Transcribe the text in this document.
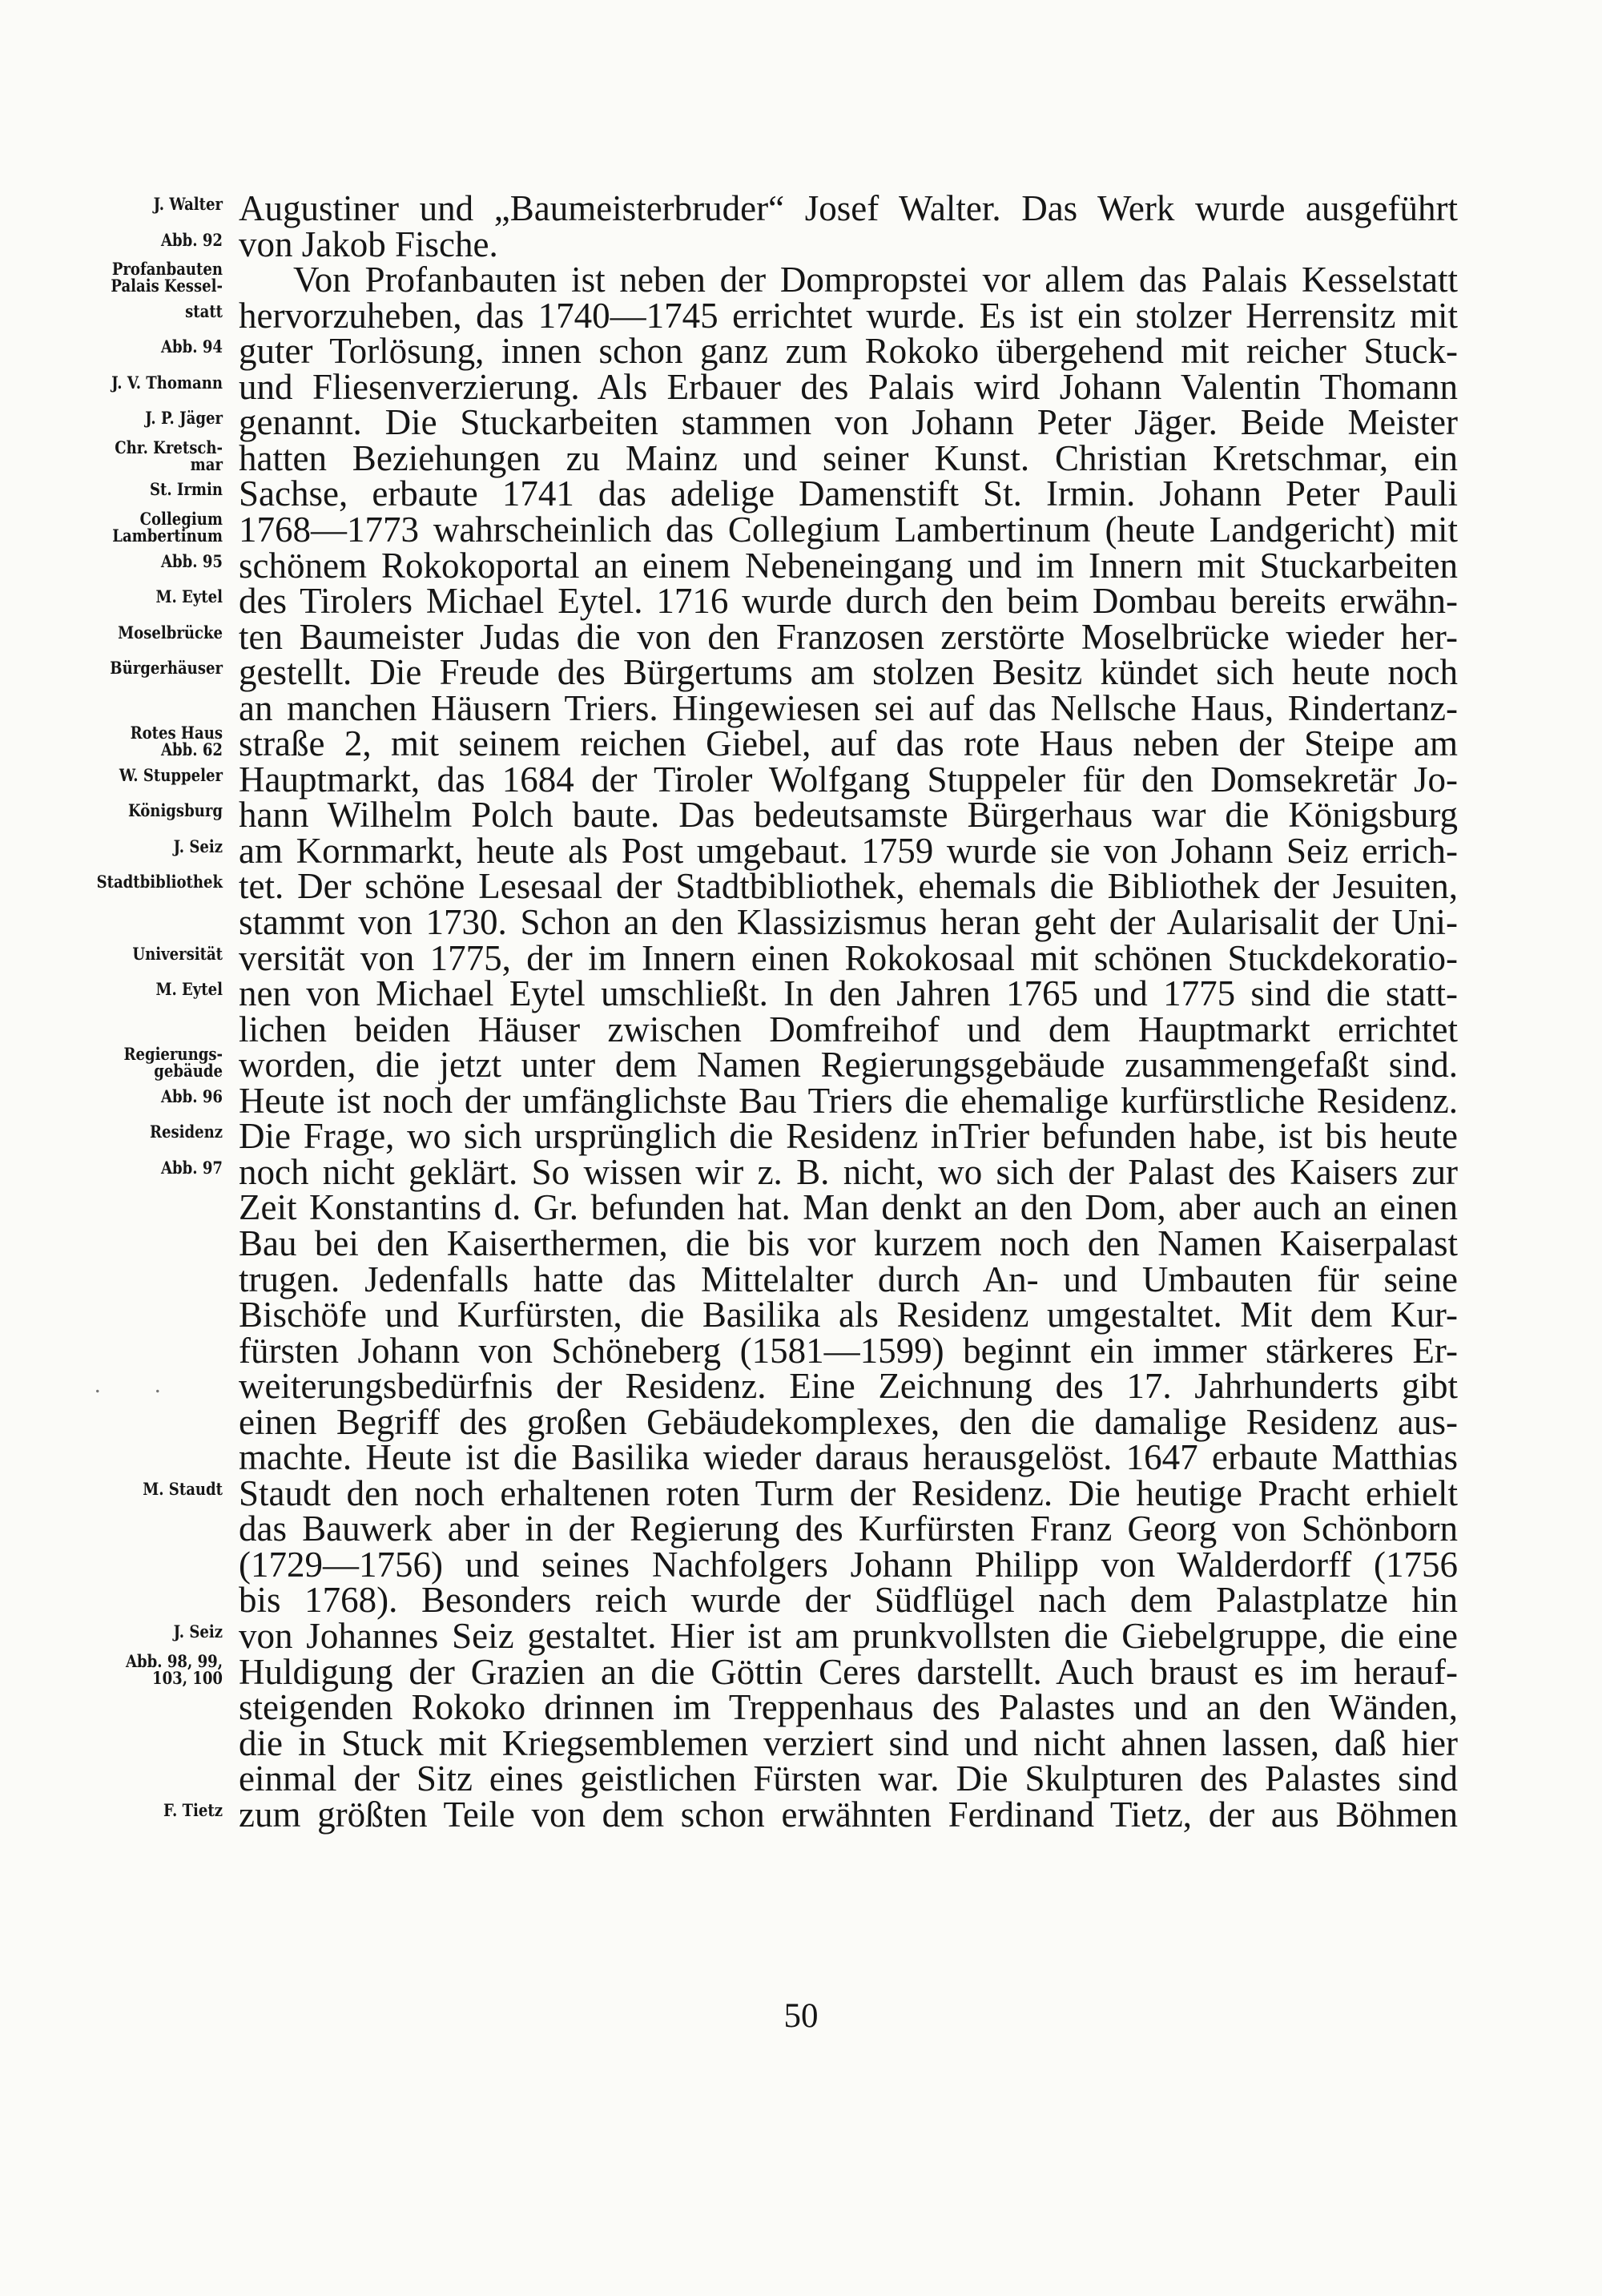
J. Walter Augustiner und „Baumeisterbruder“ Josef Walter. Das Werk wurde ausgeführt
Abb. 92 von Jakob Fische.
Profanbauten
Palais Kessel- Von Profanbauten ist neben der Dompropstei vor allem das Palais Kesselstatt
statt hervorzuheben, das 1740—1745 errichtet wurde. Es ist ein stolzer Herrensitz mit
Abb. 94 guter Torlösung, innen schon ganz zum Rokoko übergehend mit reicher Stuck-
J. V. Thomann und Fliesenverzierung. Als Erbauer des Palais wird Johann Valentin Thomann
J. P. Jäger genannt. Die Stuckarbeiten stammen von Johann Peter Jäger. Beide Meister
Chr. Kretsch-
mar hatten Beziehungen zu Mainz und seiner Kunst. Christian Kretschmar, ein
St. Irmin Sachse, erbaute 1741 das adelige Damenstift St. Irmin. Johann Peter Pauli
Collegium
Lambertinum 1768—1773 wahrscheinlich das Collegium Lambertinum (heute Landgericht) mit
Abb. 95 schönem Rokokoportal an einem Nebeneingang und im Innern mit Stuckarbeiten
M. Eytel des Tirolers Michael Eytel. 1716 wurde durch den beim Dombau bereits erwähn-
Moselbrücke ten Baumeister Judas die von den Franzosen zerstörte Moselbrücke wieder her-
Bürgerhäuser gestellt. Die Freude des Bürgertums am stolzen Besitz kündet sich heute noch
an manchen Häusern Triers. Hingewiesen sei auf das Nellsche Haus, Rindertanz-
Rotes Haus
Abb. 62 straße 2, mit seinem reichen Giebel, auf das rote Haus neben der Steipe am
W. Stuppeler Hauptmarkt, das 1684 der Tiroler Wolfgang Stuppeler für den Domsekretär Jo-
Königsburg hann Wilhelm Polch baute. Das bedeutsamste Bürgerhaus war die Königsburg
J. Seiz am Kornmarkt, heute als Post umgebaut. 1759 wurde sie von Johann Seiz errich-
Stadtbibliothek tet. Der schöne Lesesaal der Stadtbibliothek, ehemals die Bibliothek der Jesuiten,
stammt von 1730. Schon an den Klassizismus heran geht der Aularisalit der Uni-
Universität versität von 1775, der im Innern einen Rokokosaal mit schönen Stuckdekoratio-
M. Eytel nen von Michael Eytel umschließt. In den Jahren 1765 und 1775 sind die statt-
lichen beiden Häuser zwischen Domfreihof und dem Hauptmarkt errichtet
Regierungs-
gebäude worden, die jetzt unter dem Namen Regierungsgebäude zusammengefaßt sind.
Abb. 96 Heute ist noch der umfänglichste Bau Triers die ehemalige kurfürstliche Residenz.
Residenz Die Frage, wo sich ursprünglich die Residenz inTrier befunden habe, ist bis heute
Abb. 97 noch nicht geklärt. So wissen wir z. B. nicht, wo sich der Palast des Kaisers zur
Zeit Konstantins d. Gr. befunden hat. Man denkt an den Dom, aber auch an einen
Bau bei den Kaiserthermen, die bis vor kurzem noch den Namen Kaiserpalast
trugen. Jedenfalls hatte das Mittelalter durch An- und Umbauten für seine
Bischöfe und Kurfürsten, die Basilika als Residenz umgestaltet. Mit dem Kur-
fürsten Johann von Schöneberg (1581—1599) beginnt ein immer stärkeres Er-
weiterungsbedürfnis der Residenz. Eine Zeichnung des 17. Jahrhunderts gibt
einen Begriff des großen Gebäudekomplexes, den die damalige Residenz aus-
machte. Heute ist die Basilika wieder daraus herausgelöst. 1647 erbaute Matthias
M. Staudt Staudt den noch erhaltenen roten Turm der Residenz. Die heutige Pracht erhielt
das Bauwerk aber in der Regierung des Kurfürsten Franz Georg von Schönborn
(1729—1756) und seines Nachfolgers Johann Philipp von Walderdorff (1756
bis 1768). Besonders reich wurde der Südflügel nach dem Palastplatze hin
J. Seiz von Johannes Seiz gestaltet. Hier ist am prunkvollsten die Giebelgruppe, die eine
Abb. 98, 99,
103, 100 Huldigung der Grazien an die Göttin Ceres darstellt. Auch braust es im herauf-
steigenden Rokoko drinnen im Treppenhaus des Palastes und an den Wänden,
die in Stuck mit Kriegsemblemen verziert sind und nicht ahnen lassen, daß hier
einmal der Sitz eines geistlichen Fürsten war. Die Skulpturen des Palastes sind
F. Tietz zum größten Teile von dem schon erwähnten Ferdinand Tietz, der aus Böhmen
. .
50
